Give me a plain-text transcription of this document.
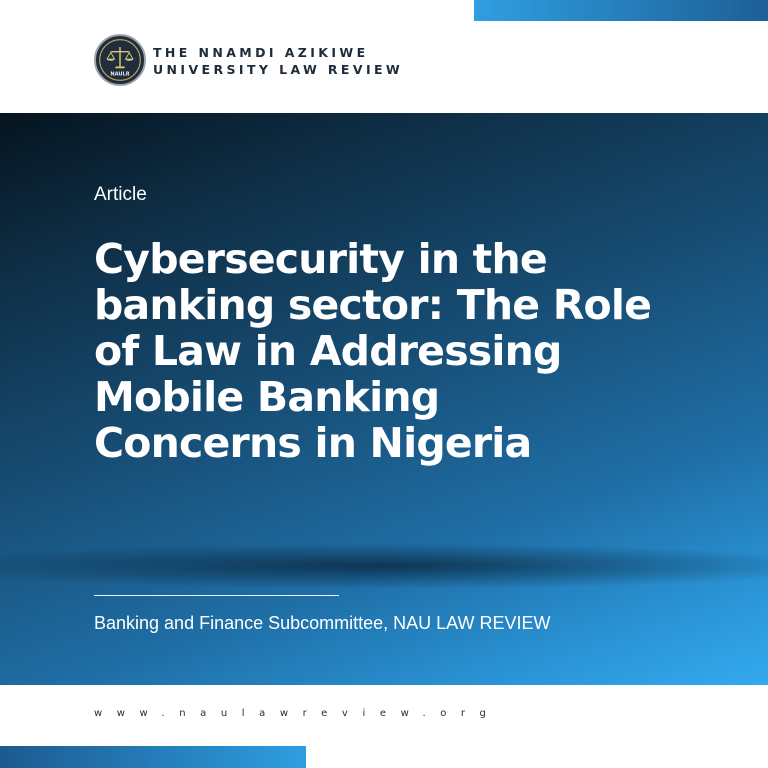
NAULR
THE NNAMDI AZIKIWE
UNIVERSITY LAW REVIEW
Article
Cybersecurity in the banking sector: The Role of Law in Addressing Mobile Banking Concerns in Nigeria
Banking and Finance Subcommittee, NAU LAW REVIEW
www.naulawreview.org
